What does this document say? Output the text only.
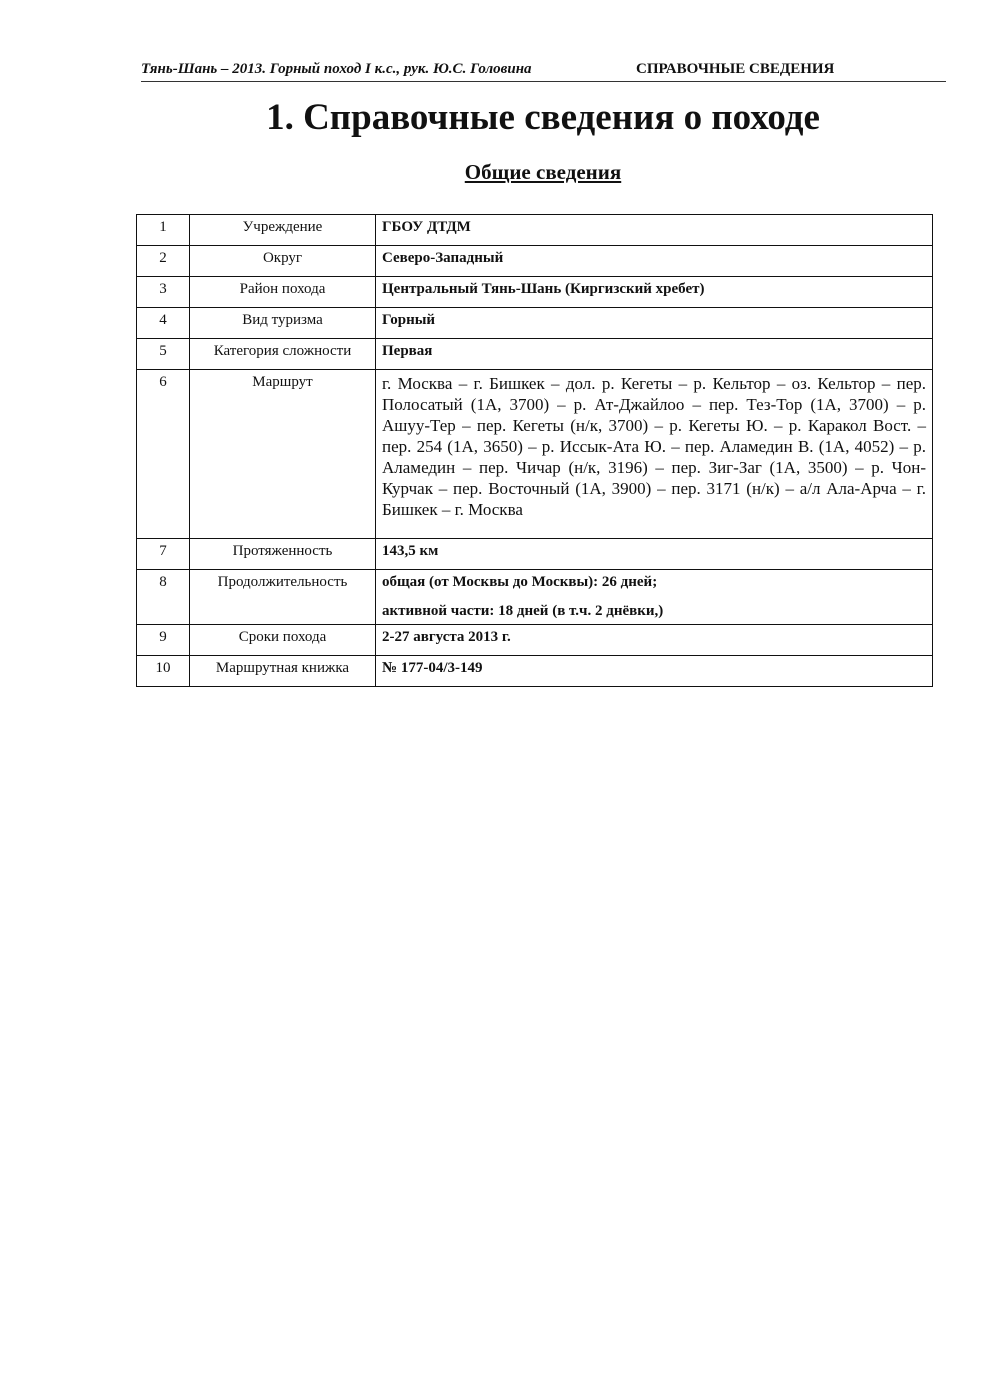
Тянь-Шань – 2013. Горный поход I к.с., рук. Ю.С. Головина	СПРАВОЧНЫЕ СВЕДЕНИЯ
1. Справочные сведения о походе
Общие сведения
1	Учреждение	ГБОУ ДТДМ
2	Округ	Северо-Западный
3	Район похода	Центральный Тянь-Шань (Киргизский хребет)
4	Вид туризма	Горный
5	Категория сложности	Первая
6	Маршрут	г. Москва – г. Бишкек – дол. р. Кегеты – р. Кельтор – оз. Кельтор – пер. Полосатый (1А, 3700) – р. Ат-Джайлоо – пер. Тез-Тор (1А, 3700) – р. Ашуу-Тер – пер. Кегеты (н/к, 3700) – р. Кегеты Ю. – р. Каракол Вост. – пер. 254 (1А, 3650) – р. Иссык-Ата Ю. – пер. Аламедин В. (1А, 4052) – р. Аламедин – пер. Чичар (н/к, 3196) – пер. Зиг-Заг (1А, 3500) – р. Чон-Курчак – пер. Восточный (1А, 3900) – пер. 3171 (н/к) – а/л Ала-Арча – г. Бишкек – г. Москва
7	Протяженность	143,5 км
8	Продолжительность	общая (от Москвы до Москвы): 26 дней;
активной части: 18 дней (в т.ч. 2 днёвки,)

9	Сроки похода	2-27 августа 2013 г.
10	Маршрутная книжка	№ 177-04/3-149
